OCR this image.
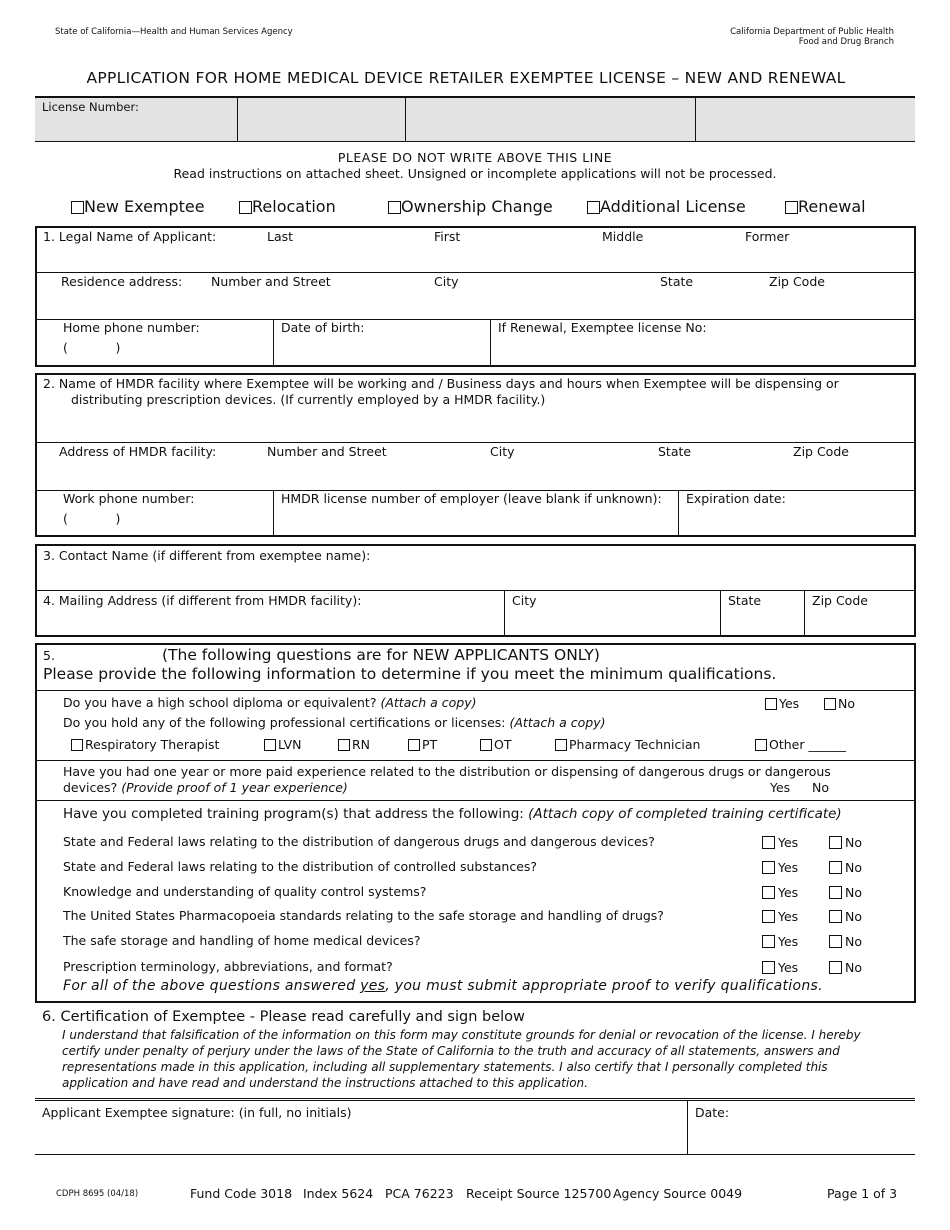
State of California—Health and Human Services Agency	California Department of Public Health
Food and Drug Branch
APPLICATION FOR HOME MEDICAL DEVICE RETAILER EXEMPTEE LICENSE – NEW AND RENEWAL
License Number:
PLEASE DO NOT WRITE ABOVE THIS LINE
Read instructions on attached sheet. Unsigned or incomplete applications will not be processed.
New Exemptee	Relocation	Ownership Change	Additional License	Renewal
1. Legal Name of Applicant:	Last	First	Middle	Former
Residence address: Number and Street	City	State	Zip Code
Home phone number:
(            )
Date of birth:	If Renewal, Exemptee license No:
2. Name of HMDR facility where Exemptee will be working and / Business days and hours when Exemptee will be dispensing or
distributing prescription devices. (If currently employed by a HMDR facility.)
Address of HMDR facility:	Number and Street	City	State	Zip Code
Work phone number:
(            )
HMDR license number of employer (leave blank if unknown): Expiration date:
3. Contact Name (if different from exemptee name):
4. Mailing Address (if different from HMDR facility):	City	State	Zip Code
5.	(The following questions are for NEW APPLICANTS ONLY)
Please provide the following information to determine if you meet the minimum qualifications.
Do you have a high school diploma or equivalent? (Attach a copy)	Yes	No
Do you hold any of the following professional certifications or licenses: (Attach a copy)
Respiratory Therapist	LVN	RN	PT	OT	Pharmacy Technician	Other ______
Have you had one year or more paid experience related to the distribution or dispensing of dangerous drugs or dangerous
devices? (Provide proof of 1 year experience)	Yes No
Have you completed training program(s) that address the following: (Attach copy of completed training certificate)
State and Federal laws relating to the distribution of dangerous drugs and dangerous devices?	Yes	No
State and Federal laws relating to the distribution of controlled substances?	Yes	No
Knowledge and understanding of quality control systems?	Yes	No
The United States Pharmacopoeia standards relating to the safe storage and handling of drugs?	Yes	No
The safe storage and handling of home medical devices?	Yes	No
Prescription terminology, abbreviations, and format?	Yes	No
For all of the above questions answered yes, you must submit appropriate proof to verify qualifications.
6. Certification of Exemptee - Please read carefully and sign below
I understand that falsification of the information on this form may constitute grounds for denial or revocation of the license. I hereby
certify under penalty of perjury under the laws of the State of California to the truth and accuracy of all statements, answers and
representations made in this application, including all supplementary statements. I also certify that I personally completed this
application and have read and understand the instructions attached to this application.
Applicant Exemptee signature: (in full, no initials)	Date:
CDPH 8695 (04/18)	Fund Code 3018 Index 5624 PCA 76223 Receipt Source 125700 Agency Source 0049	Page 1 of 3
